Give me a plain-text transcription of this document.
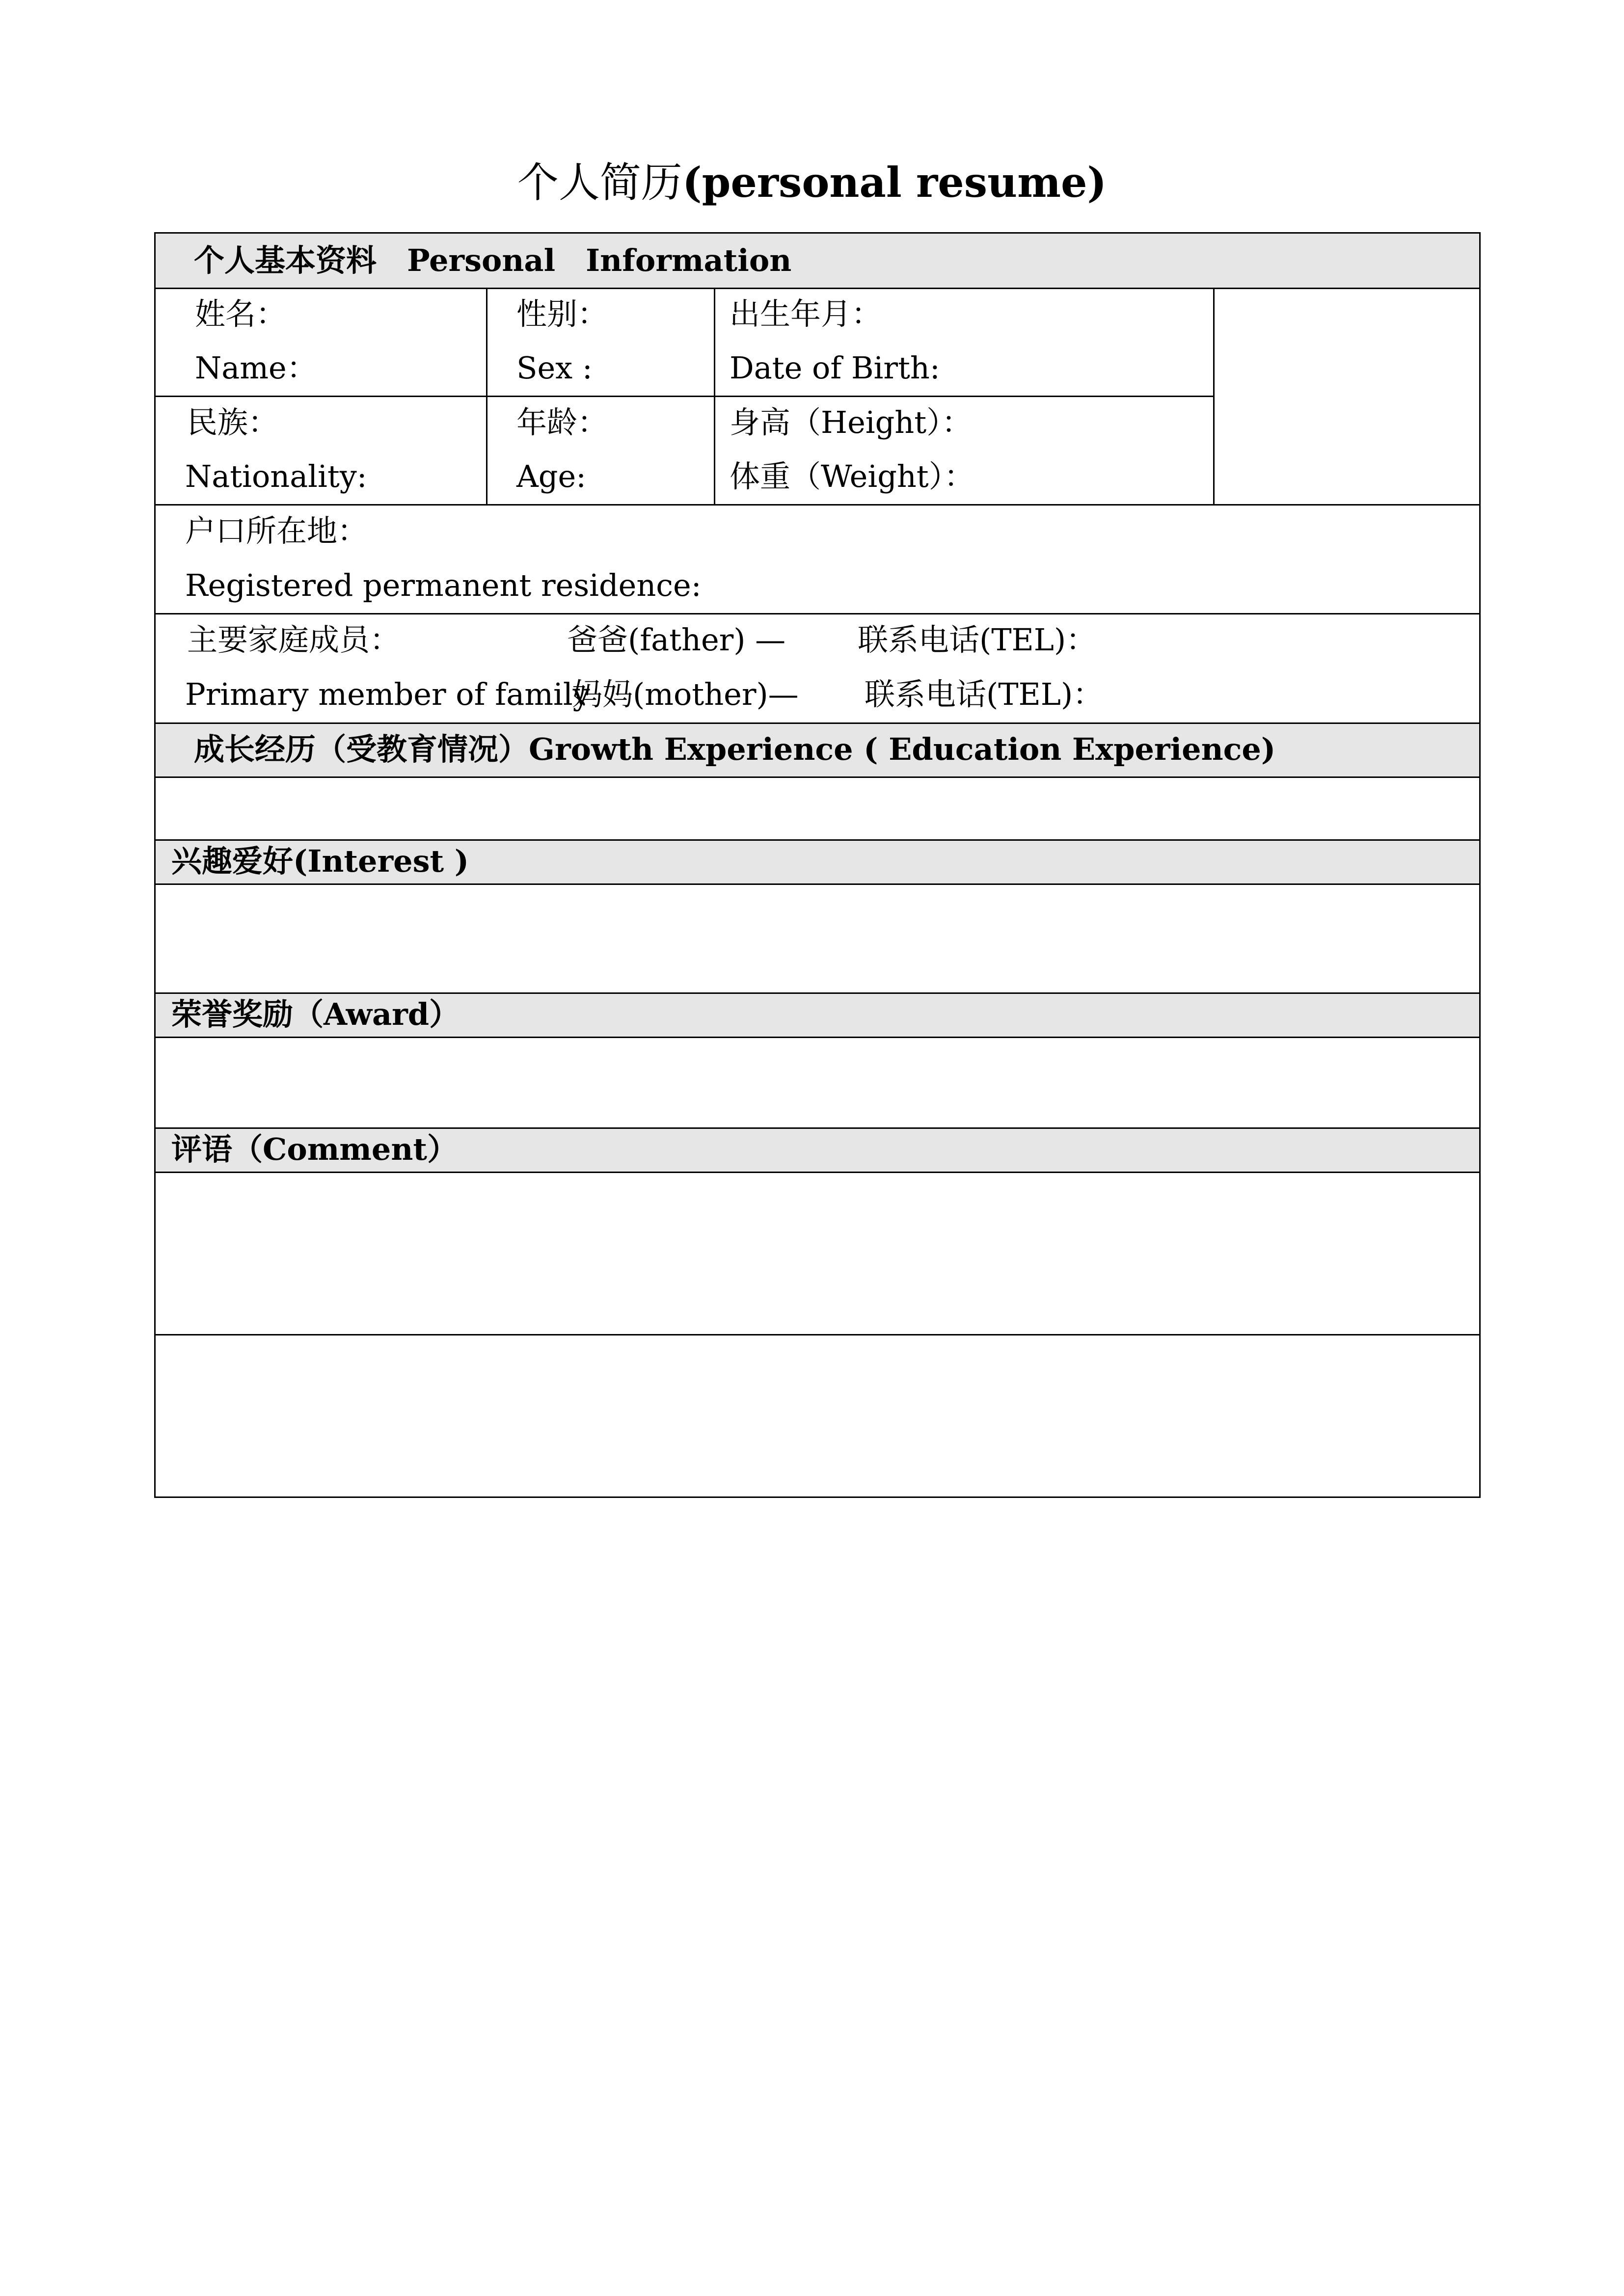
个人简历(personal resume)
个人基本资料　Personal　Information
成长经历（受教育情况）Growth Experience ( Education Experience)
兴趣爱好(Interest )
荣誉奖励（Award）
评语（Comment）
姓名：
Name：
性别：
Sex :
出生年月：
Date of Birth:
民族：
Nationality:
年龄：
Age:
身高（Height）：
体重（Weight）：
户口所在地：
Registered permanent residence:
主要家庭成员：
Primary member of family
爸爸(father) — 联系电话(TEL)：
妈妈(mother)— 联系电话(TEL)：
